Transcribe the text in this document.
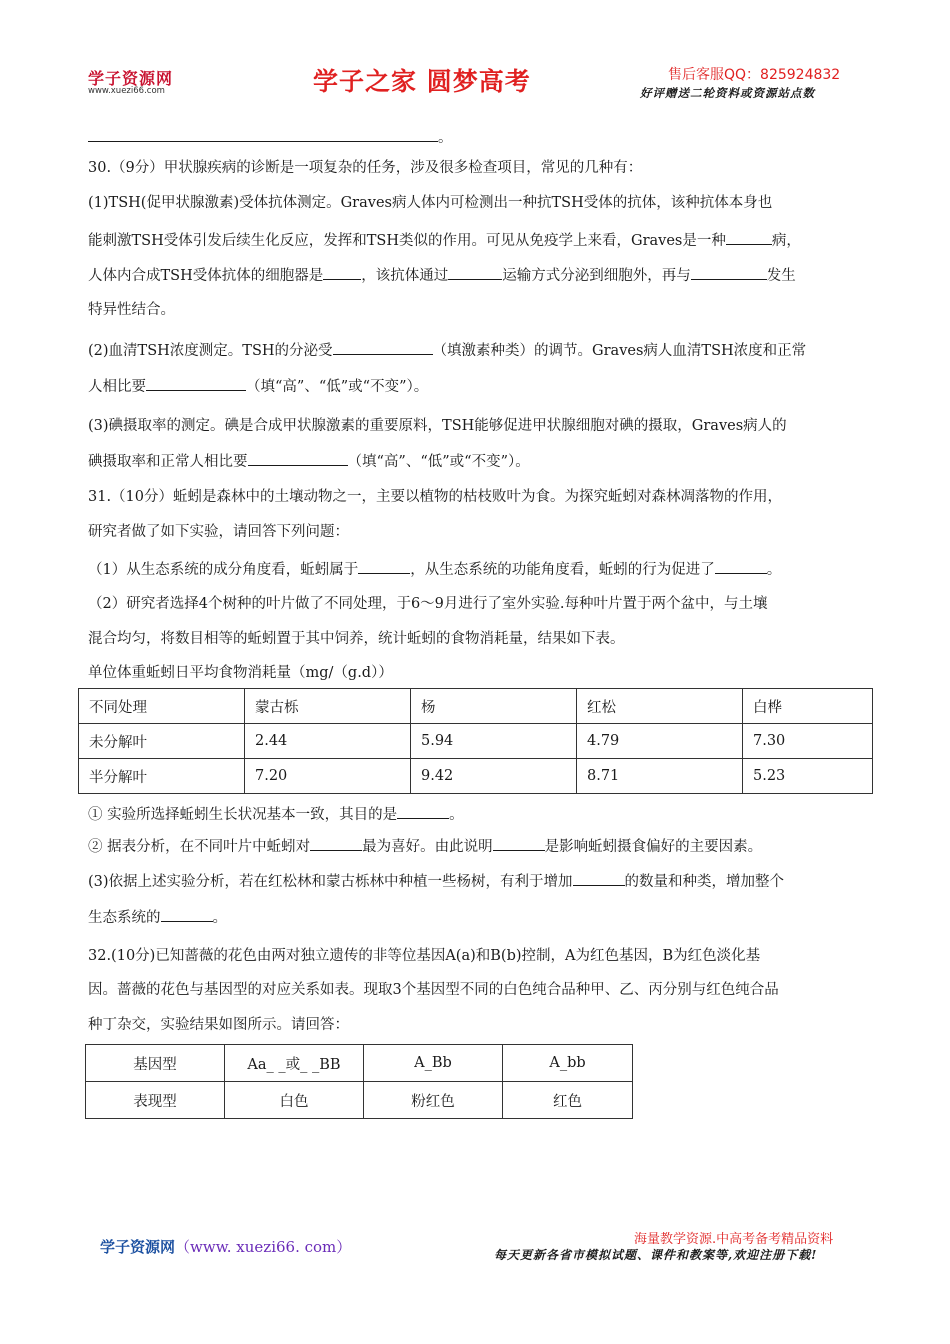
学子资源网
www.xuezi66.com	学子之家 圆梦高考	售后客服QQ：825924832
好评赠送二轮资料或资源站点数
。
30.（9分）甲状腺疾病的诊断是一项复杂的任务，涉及很多检查项目，常见的几种有：
(1)TSH(促甲状腺激素)受体抗体测定。Graves病人体内可检测出一种抗TSH受体的抗体，该种抗体本身也
能刺激TSH受体引发后续生化反应，发挥和TSH类似的作用。可见从免疫学上来看，Graves是一种	病，
人体内合成TSH受体抗体的细胞器是	，该抗体通过	运输方式分泌到细胞外，再与	发生
特异性结合。
(2)血清TSH浓度测定。TSH的分泌受	（填激素种类）的调节。Graves病人血清TSH浓度和正常
人相比要	（填“高”、“低”或“不变”）。
(3)碘摄取率的测定。碘是合成甲状腺激素的重要原料，TSH能够促进甲状腺细胞对碘的摄取，Graves病人的
碘摄取率和正常人相比要	（填“高”、“低”或“不变”）。
31.（10分）蚯蚓是森林中的土壤动物之一，主要以植物的枯枝败叶为食。为探究蚯蚓对森林凋落物的作用，
研究者做了如下实验，请回答下列问题：
（1）从生态系统的成分角度看，蚯蚓属于	，从生态系统的功能角度看，蚯蚓的行为促进了	。
（2）研究者选择4个树种的叶片做了不同处理，于6～9月进行了室外实验.每种叶片置于两个盆中，与土壤
混合均匀，将数目相等的蚯蚓置于其中饲养，统计蚯蚓的食物消耗量，结果如下表。
单位体重蚯蚓日平均食物消耗量（mg/（g.d））
不同处理	蒙古栎	杨	红松	白桦
未分解叶	2.44	5.94	4.79	7.30
半分解叶	7.20	9.42	8.71	5.23
① 实验所选择蚯蚓生长状况基本一致，其目的是	。
② 据表分析，在不同叶片中蚯蚓对	最为喜好。由此说明	是影响蚯蚓摄食偏好的主要因素。
(3)依据上述实验分析，若在红松林和蒙古栎林中种植一些杨树，有利于增加	的数量和种类，增加整个
生态系统的	。
32.(10分)已知蔷薇的花色由两对独立遗传的非等位基因A(a)和B(b)控制，A为红色基因，B为红色淡化基
因。蔷薇的花色与基因型的对应关系如表。现取3个基因型不同的白色纯合品种甲、乙、丙分别与红色纯合品
种丁杂交，实验结果如图所示。请回答：
基因型	Aa_ _或_ _BB	A_Bb	A_bb
表现型	白色	粉红色	红色
学子资源网（www. xuezi66. com）	海量教学资源.中高考备考精品资料
每天更新各省市模拟试题、课件和教案等,欢迎注册下载!
